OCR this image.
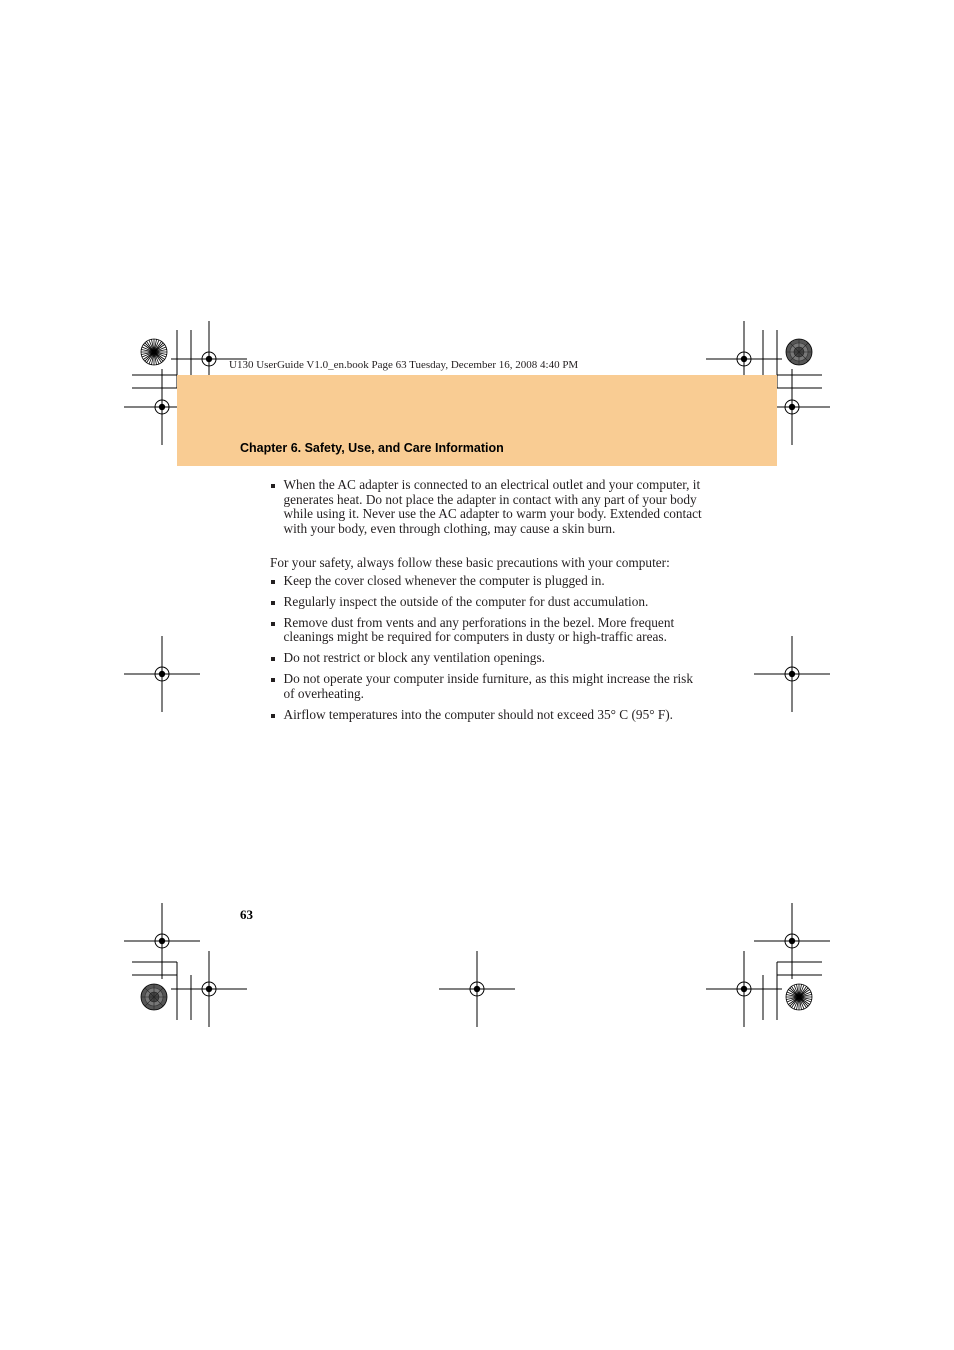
U130 UserGuide V1.0_en.book Page 63 Tuesday, December 16, 2008 4:40 PM
Chapter 6. Safety, Use, and Care Information
When the AC adapter is connected to an electrical outlet and your computer, it generates heat. Do not place the adapter in contact with any part of your body while using it. Never use the AC adapter to warm your body. Extended contact with your body, even through clothing, may cause a skin burn.

For your safety, always follow these basic precautions with your computer:

Keep the cover closed whenever the computer is plugged in.
Regularly inspect the outside of the computer for dust accumulation.
Remove dust from vents and any perforations in the bezel. More frequent cleanings might be required for computers in dusty or high-traffic areas.
Do not restrict or block any ventilation openings.
Do not operate your computer inside furniture, as this might increase the risk of overheating.
Airflow temperatures into the computer should not exceed 35° C (95° F).
63
